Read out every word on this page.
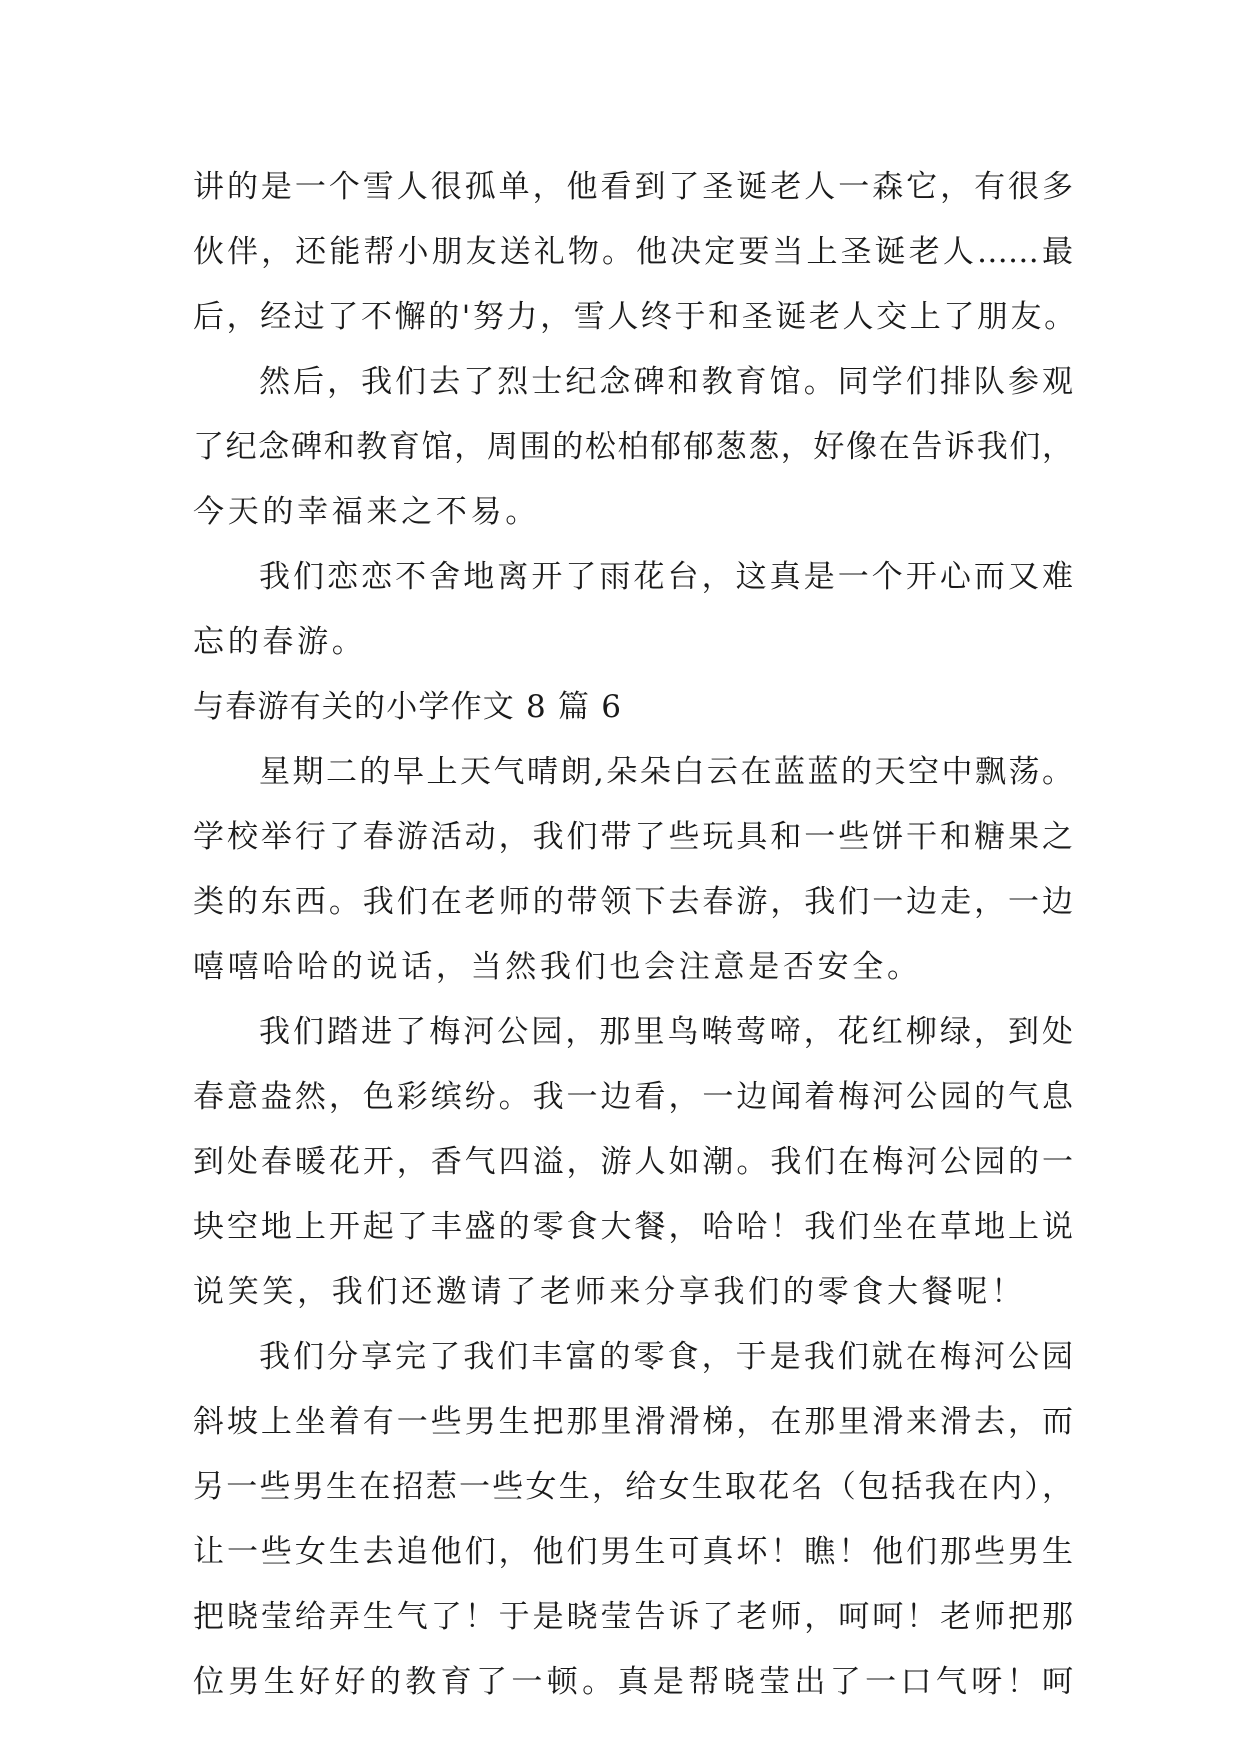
讲的是一个雪人很孤单，他看到了圣诞老人一森它，有很多
伙伴，还能帮小朋友送礼物。他决定要当上圣诞老人……最
后，经过了不懈的'努力，雪人终于和圣诞老人交上了朋友。
然后，我们去了烈士纪念碑和教育馆。同学们排队参观
了纪念碑和教育馆，周围的松柏郁郁葱葱，好像在告诉我们，
今天的幸福来之不易。
我们恋恋不舍地离开了雨花台，这真是一个开心而又难
忘的春游。
与春游有关的小学作文 8 篇 6
星期二的早上天气晴朗,朵朵白云在蓝蓝的天空中飘荡。
学校举行了春游活动，我们带了些玩具和一些饼干和糖果之
类的东西。我们在老师的带领下去春游，我们一边走，一边
嘻嘻哈哈的说话，当然我们也会注意是否安全。
我们踏进了梅河公园，那里鸟啭莺啼，花红柳绿，到处
春意盎然，色彩缤纷。我一边看，一边闻着梅河公园的气息
到处春暖花开，香气四溢，游人如潮。我们在梅河公园的一
块空地上开起了丰盛的零食大餐，哈哈！我们坐在草地上说
说笑笑，我们还邀请了老师来分享我们的零食大餐呢！
我们分享完了我们丰富的零食，于是我们就在梅河公园
斜坡上坐着有一些男生把那里滑滑梯，在那里滑来滑去，而
另一些男生在招惹一些女生，给女生取花名（包括我在内），
让一些女生去追他们，他们男生可真坏！瞧！他们那些男生
把晓莹给弄生气了！于是晓莹告诉了老师，呵呵！老师把那
位男生好好的教育了一顿。真是帮晓莹出了一口气呀！呵
